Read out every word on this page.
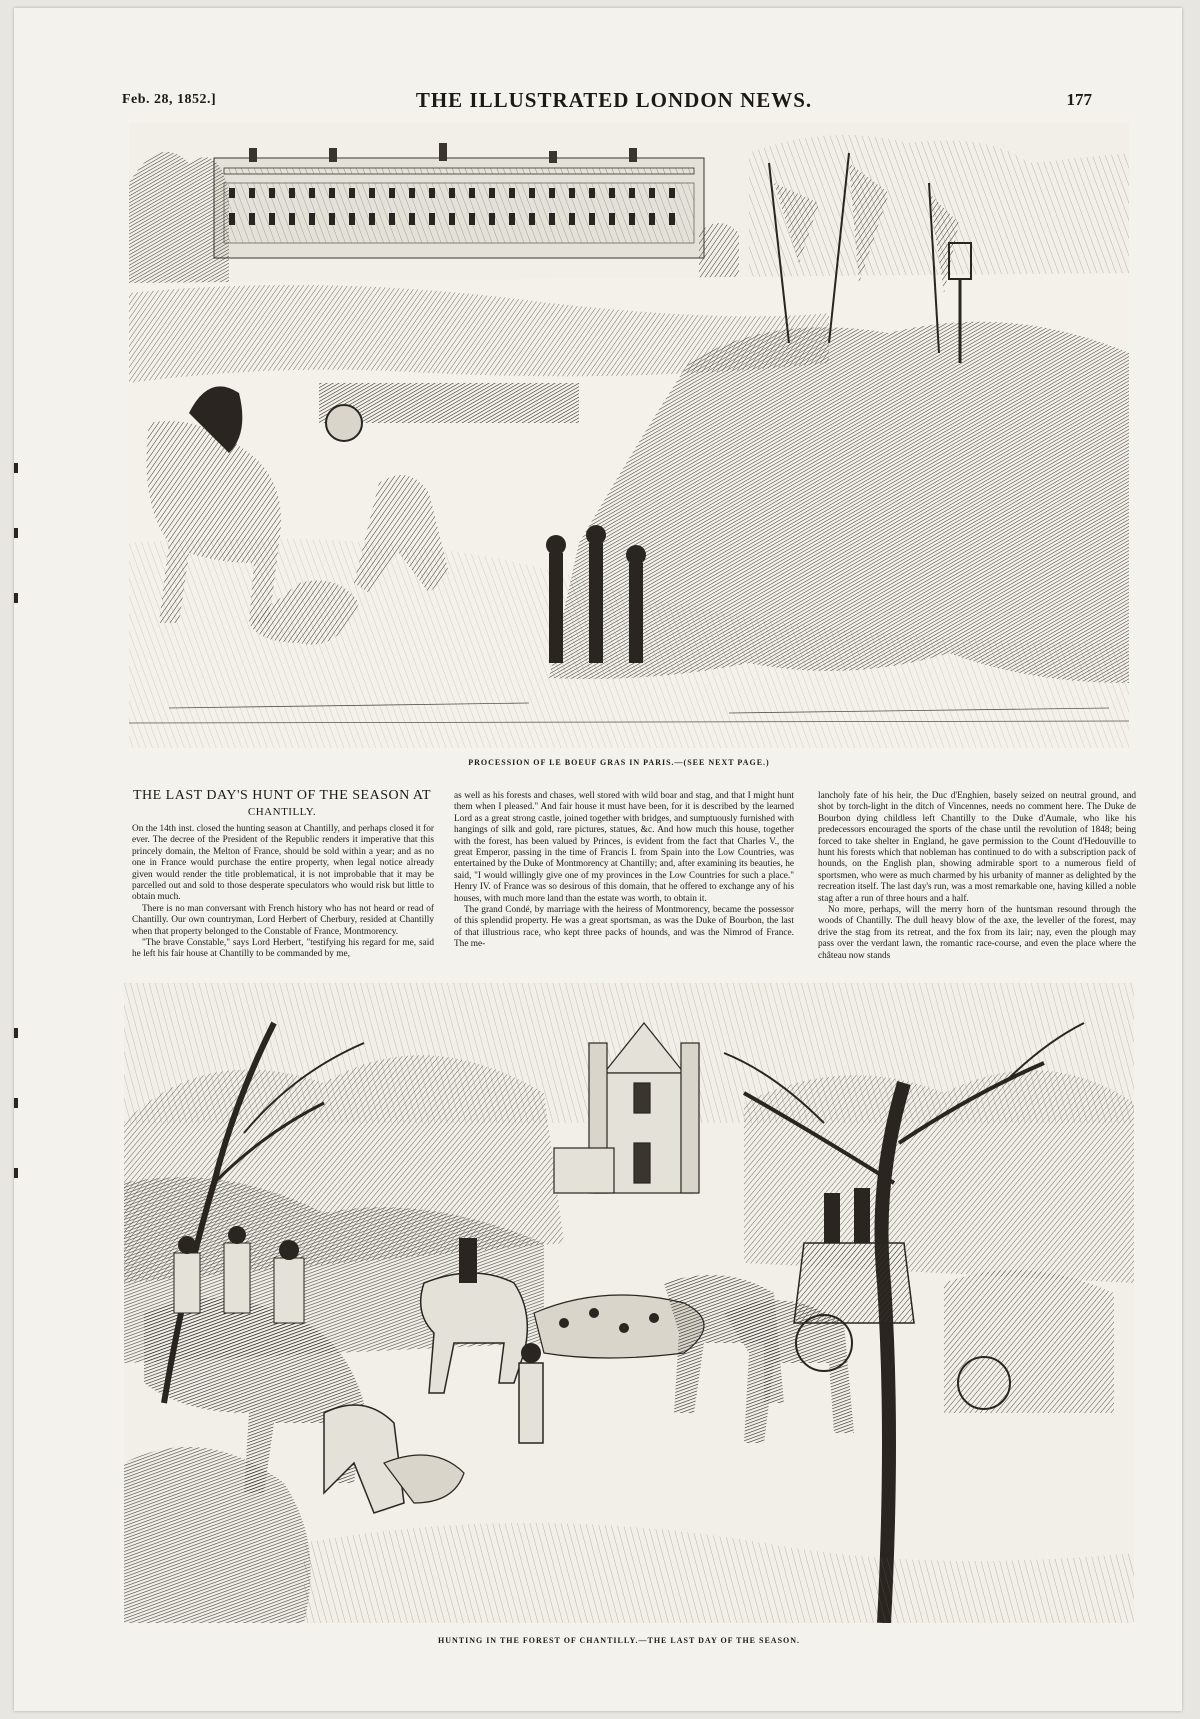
Feb. 28, 1852.]	THE ILLUSTRATED LONDON NEWS.	177
PROCESSION OF LE BOEUF GRAS IN PARIS.—(SEE NEXT PAGE.)
THE LAST DAY'S HUNT OF THE SEASON AT
CHANTILLY.

On the 14th inst. closed the hunting season at Chantilly, and perhaps closed it for ever. The decree of the President of the Republic renders it imperative that this princely domain, the Melton of France, should be sold within a year; and as no one in France would purchase the entire property, when legal notice already given would render the title problematical, it is not improbable that it may be parcelled out and sold to those desperate speculators who would risk but little to obtain much.

There is no man conversant with French history who has not heard or read of Chantilly. Our own countryman, Lord Herbert of Cherbury, resided at Chantilly when that property belonged to the Constable of France, Montmorency.

"The brave Constable," says Lord Herbert, "testifying his regard for me, said he left his fair house at Chantilly to be commanded by me,

as well as his forests and chases, well stored with wild boar and stag, and that I might hunt them when I pleased." And fair house it must have been, for it is described by the learned Lord as a great strong castle, joined together with bridges, and sumptuously furnished with hangings of silk and gold, rare pictures, statues, &c. And how much this house, together with the forest, has been valued by Princes, is evident from the fact that Charles V., the great Emperor, passing in the time of Francis I. from Spain into the Low Countries, was entertained by the Duke of Montmorency at Chantilly; and, after examining its beauties, he said, "I would willingly give one of my provinces in the Low Countries for such a place." Henry IV. of France was so desirous of this domain, that he offered to exchange any of his houses, with much more land than the estate was worth, to obtain it.

The grand Condé, by marriage with the heiress of Montmorency, became the possessor of this splendid property. He was a great sportsman, as was the Duke of Bourbon, the last of that illustrious race, who kept three packs of hounds, and was the Nimrod of France. The me-

lancholy fate of his heir, the Duc d'Enghien, basely seized on neutral ground, and shot by torch-light in the ditch of Vincennes, needs no comment here. The Duke de Bourbon dying childless left Chantilly to the Duke d'Aumale, who like his predecessors encouraged the sports of the chase until the revolution of 1848; being forced to take shelter in England, he gave permission to the Count d'Hedouville to hunt his forests which that nobleman has continued to do with a subscription pack of hounds, on the English plan, showing admirable sport to a numerous field of sportsmen, who were as much charmed by his urbanity of manner as delighted by the recreation itself. The last day's run, was a most remarkable one, having killed a noble stag after a run of three hours and a half.

No more, perhaps, will the merry horn of the huntsman resound through the woods of Chantilly. The dull heavy blow of the axe, the leveller of the forest, may drive the stag from its retreat, and the fox from its lair; nay, even the plough may pass over the verdant lawn, the romantic race-course, and even the place where the château now stands

HUNTING IN THE FOREST OF CHANTILLY.—THE LAST DAY OF THE SEASON.
